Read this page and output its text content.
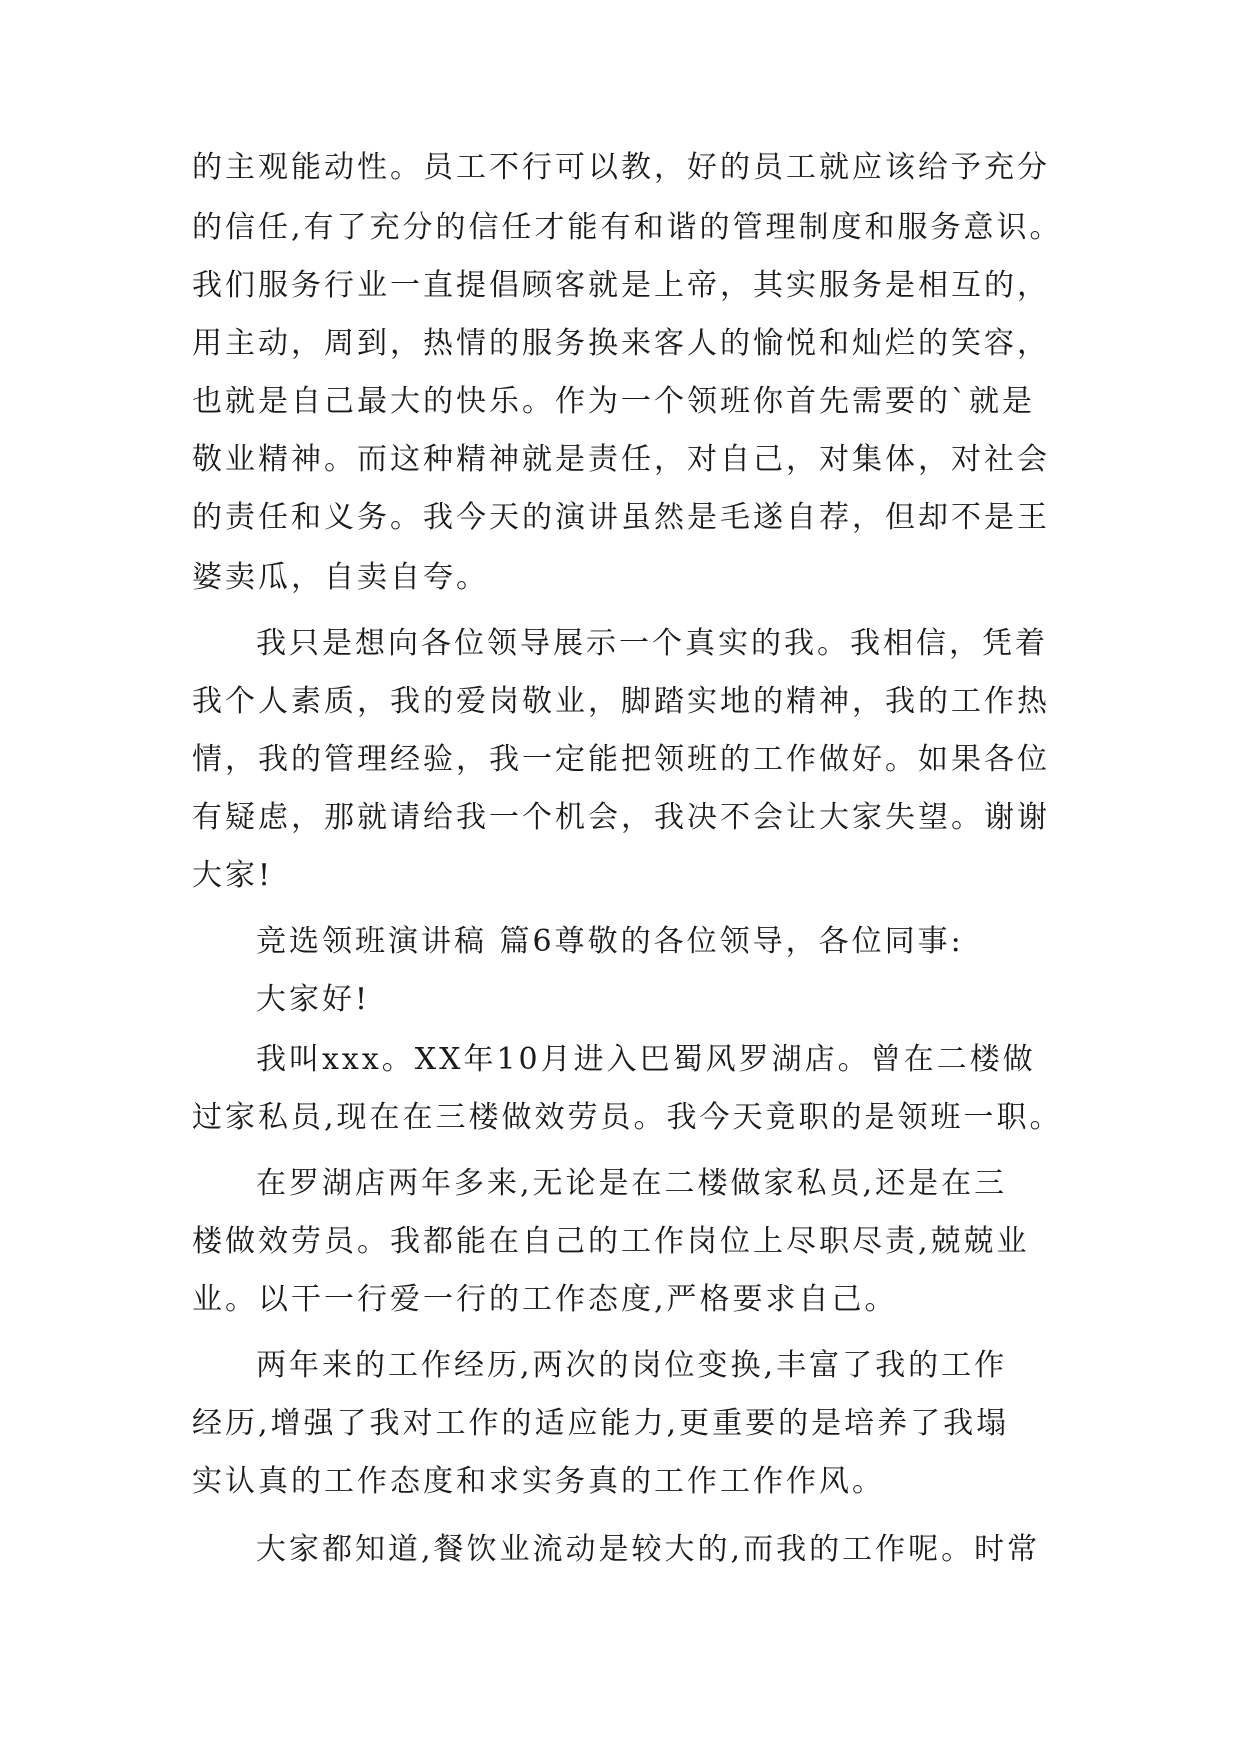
的主观能动性。员工不行可以教，好的员工就应该给予充分
的信任,有了充分的信任才能有和谐的管理制度和服务意识。
我们服务行业一直提倡顾客就是上帝，其实服务是相互的，
用主动，周到，热情的服务换来客人的愉悦和灿烂的笑容，
也就是自己最大的快乐。作为一个领班你首先需要的`就是
敬业精神。而这种精神就是责任，对自己，对集体，对社会
的责任和义务。我今天的演讲虽然是毛遂自荐，但却不是王
婆卖瓜，自卖自夸。
我只是想向各位领导展示一个真实的我。我相信，凭着
我个人素质，我的爱岗敬业，脚踏实地的精神，我的工作热
情，我的管理经验，我一定能把领班的工作做好。如果各位
有疑虑，那就请给我一个机会，我决不会让大家失望。谢谢
大家!
竞选领班演讲稿 篇6尊敬的各位领导，各位同事:
大家好!
我叫xxx。XX年10月进入巴蜀风罗湖店。曾在二楼做
过家私员,现在在三楼做效劳员。我今天竟职的是领班一职。
在罗湖店两年多来,无论是在二楼做家私员,还是在三
楼做效劳员。我都能在自己的工作岗位上尽职尽责,兢兢业
业。以干一行爱一行的工作态度,严格要求自己。
两年来的工作经历,两次的岗位变换,丰富了我的工作
经历,增强了我对工作的适应能力,更重要的是培养了我塌
实认真的工作态度和求实务真的工作工作作风。
大家都知道,餐饮业流动是较大的,而我的工作呢。时常
